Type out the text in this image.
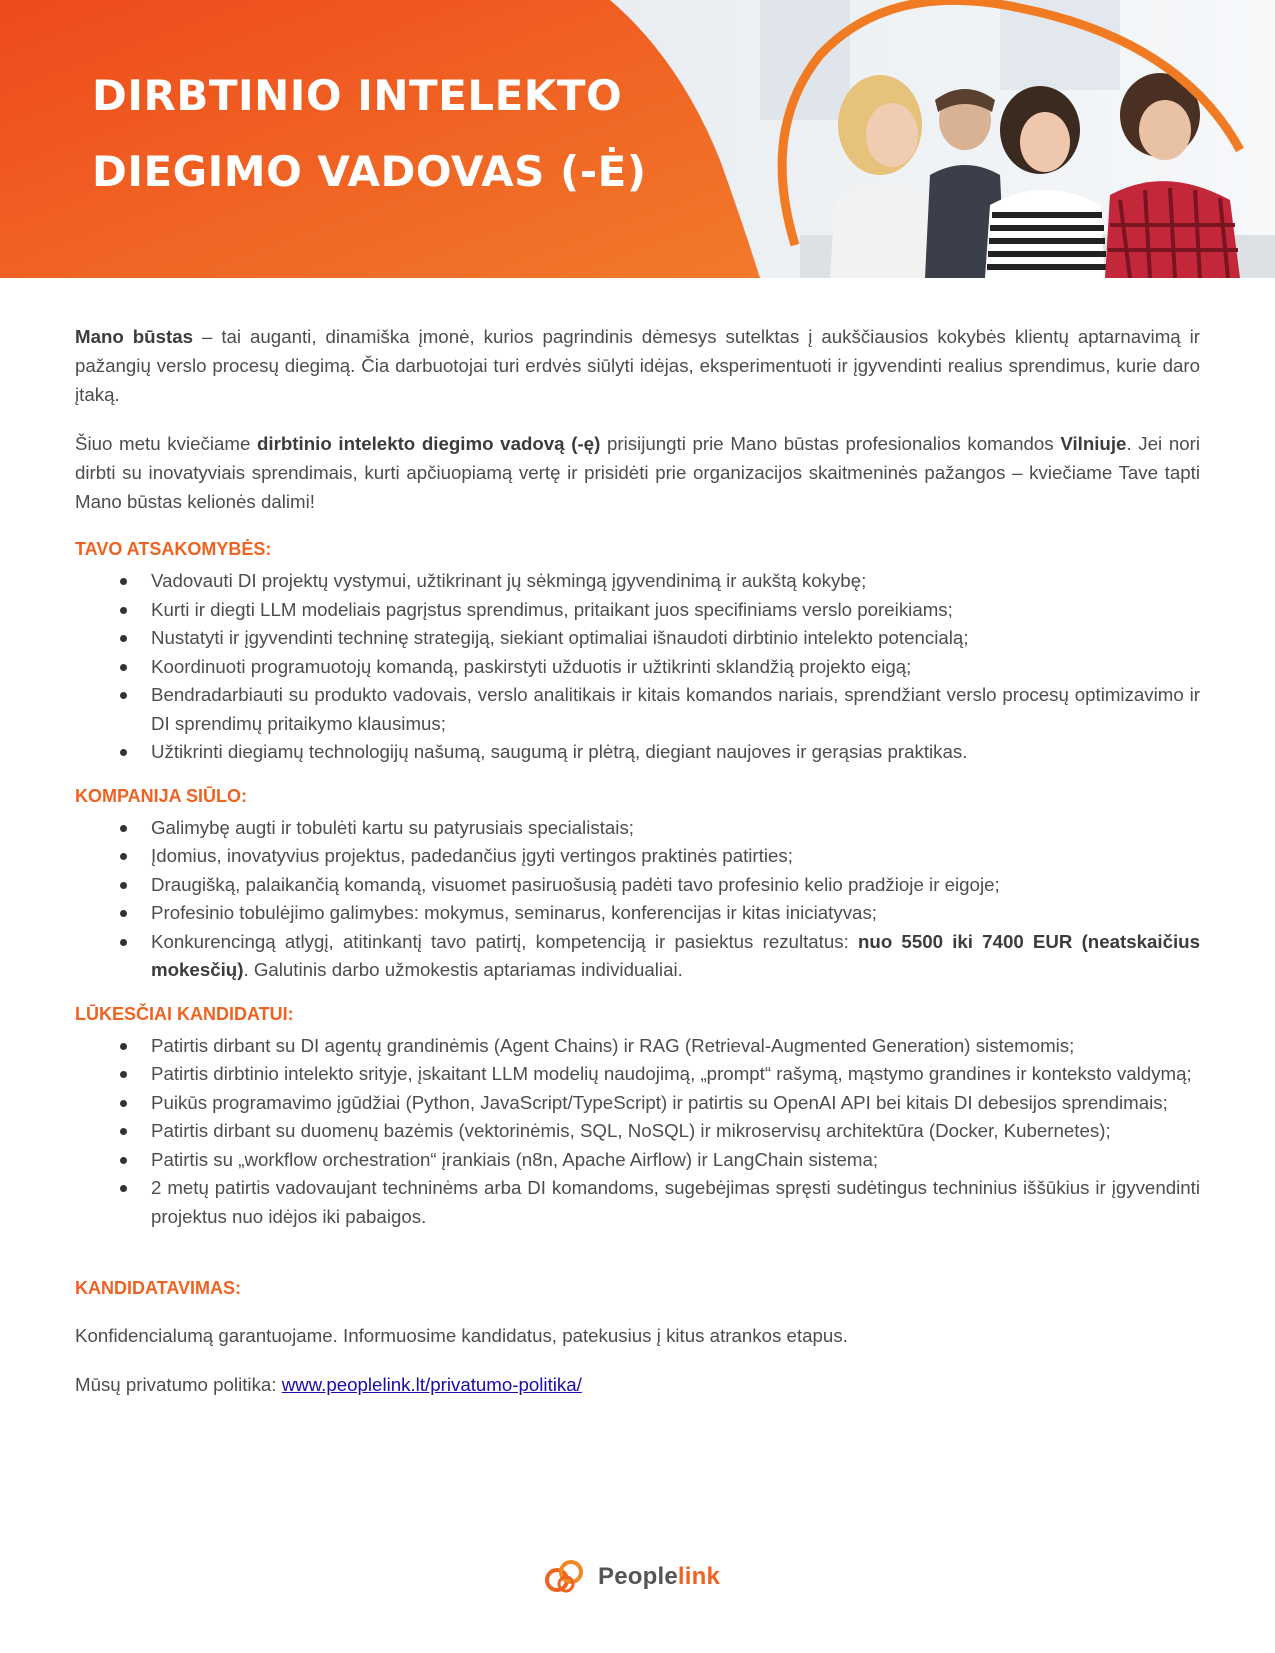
DIRBTINIO INTELEKTO
DIEGIMO VADOVAS (-Ė)

Mano būstas – tai auganti, dinamiška įmonė, kurios pagrindinis dėmesys sutelktas į aukščiausios kokybės klientų aptarnavimą ir pažangių verslo procesų diegimą. Čia darbuotojai turi erdvės siūlyti idėjas, eksperimentuoti ir įgyvendinti realius sprendimus, kurie daro įtaką.

Šiuo metu kviečiame dirbtinio intelekto diegimo vadovą (-ę) prisijungti prie Mano būstas profesionalios komandos Vilniuje. Jei nori dirbti su inovatyviais sprendimais, kurti apčiuopiamą vertę ir prisidėti prie organizacijos skaitmeninės pažangos – kviečiame Tave tapti Mano būstas kelionės dalimi!

TAVO ATSAKOMYBĖS:
Vadovauti DI projektų vystymui, užtikrinant jų sėkmingą įgyvendinimą ir aukštą kokybę;
Kurti ir diegti LLM modeliais pagrįstus sprendimus, pritaikant juos specifiniams verslo poreikiams;
Nustatyti ir įgyvendinti techninę strategiją, siekiant optimaliai išnaudoti dirbtinio intelekto potencialą;
Koordinuoti programuotojų komandą, paskirstyti užduotis ir užtikrinti sklandžią projekto eigą;
Bendradarbiauti su produkto vadovais, verslo analitikais ir kitais komandos nariais, sprendžiant verslo procesų optimizavimo ir DI sprendimų pritaikymo klausimus;
Užtikrinti diegiamų technologijų našumą, saugumą ir plėtrą, diegiant naujoves ir gerąsias praktikas.
KOMPANIJA SIŪLO:
Galimybę augti ir tobulėti kartu su patyrusiais specialistais;
Įdomius, inovatyvius projektus, padedančius įgyti vertingos praktinės patirties;
Draugišką, palaikančią komandą, visuomet pasiruošusią padėti tavo profesinio kelio pradžioje ir eigoje;
Profesinio tobulėjimo galimybes: mokymus, seminarus, konferencijas ir kitas iniciatyvas;
Konkurencingą atlygį, atitinkantį tavo patirtį, kompetenciją ir pasiektus rezultatus: nuo 5500 iki 7400 EUR (neatskaičius mokesčių). Galutinis darbo užmokestis aptariamas individualiai.
LŪKESČIAI KANDIDATUI:
Patirtis dirbant su DI agentų grandinėmis (Agent Chains) ir RAG (Retrieval-Augmented Generation) sistemomis;
Patirtis dirbtinio intelekto srityje, įskaitant LLM modelių naudojimą, „prompt“ rašymą, mąstymo grandines ir konteksto valdymą;
Puikūs programavimo įgūdžiai (Python, JavaScript/TypeScript) ir patirtis su OpenAI API bei kitais DI debesijos sprendimais;
Patirtis dirbant su duomenų bazėmis (vektorinėmis, SQL, NoSQL) ir mikroservisų architektūra (Docker, Kubernetes);
Patirtis su „workflow orchestration“ įrankiais (n8n, Apache Airflow) ir LangChain sistema;
2 metų patirtis vadovaujant techninėms arba DI komandoms, sugebėjimas spręsti sudėtingus techninius iššūkius ir įgyvendinti projektus nuo idėjos iki pabaigos.
KANDIDATAVIMAS:

Konfidencialumą garantuojame. Informuosime kandidatus, patekusius į kitus atrankos etapus.

Mūsų privatumo politika: www.peoplelink.lt/privatumo-politika/

Peoplelink
